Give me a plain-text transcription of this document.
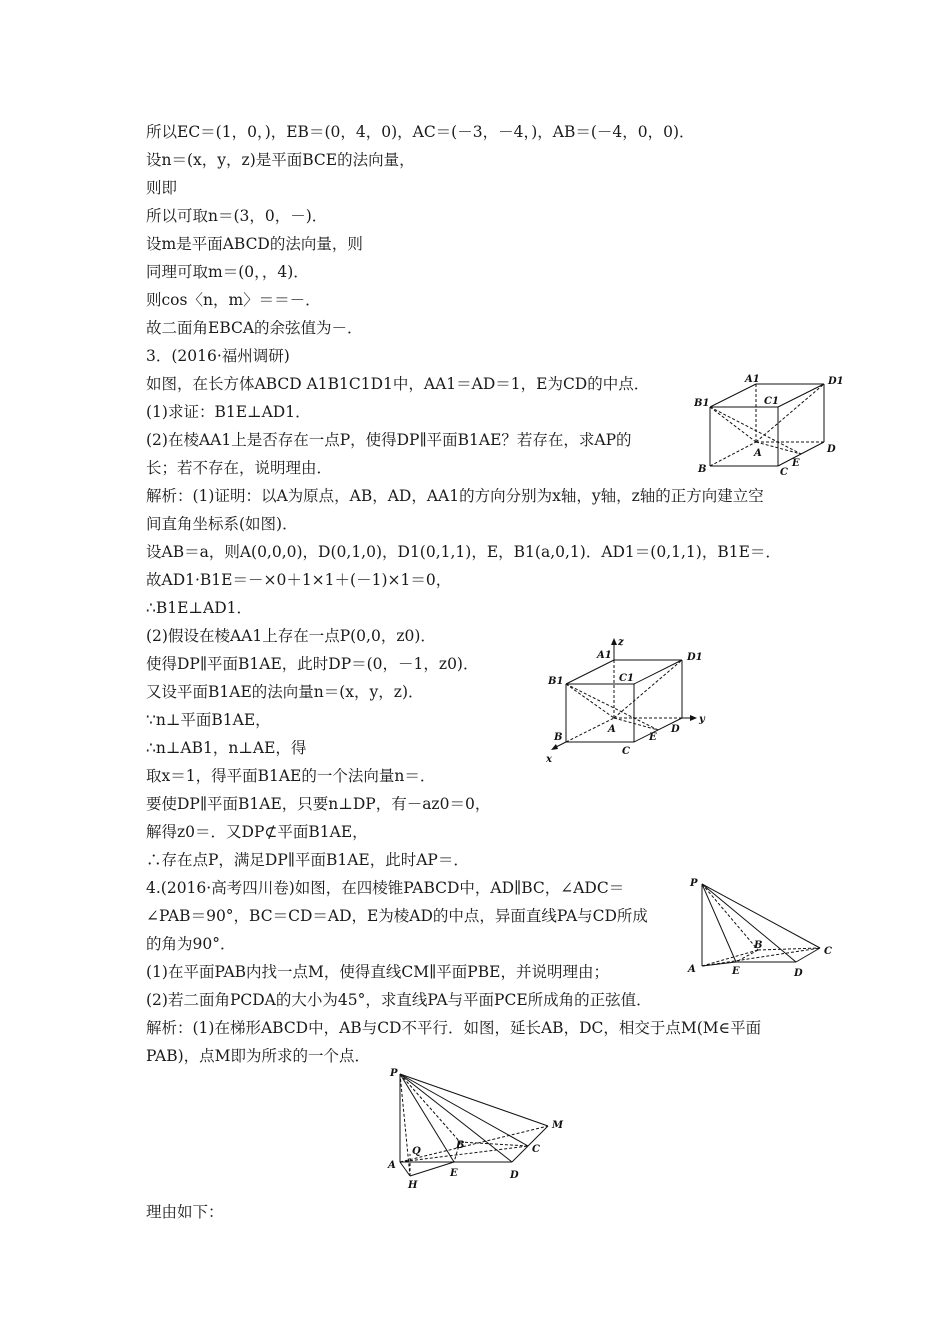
所以EC＝(1，0，)，EB＝(0，4，0)，AC＝(－3，－4，)，AB＝(－4，0，0)．
设n＝(x，y，z)是平面BCE的法向量，
则即
所以可取n＝(3，0，－)．
设m是平面ABCD的法向量，则
同理可取m＝(0，，4)．
则cos〈n，m〉＝＝－．
故二面角EBCA的余弦值为－．
3．(2016·福州调研)
如图，在长方体ABCD A1B1C1D1中，AA1＝AD＝1，E为CD的中点．
(1)求证：B1E⊥AD1．
(2)在棱AA1上是否存在一点P，使得DP∥平面B1AE？若存在，求AP的
长；若不存在，说明理由．
解析：(1)证明：以A为原点，AB，AD，AA1的方向分别为x轴，y轴，z轴的正方向建立空
间直角坐标系(如图)．
设AB＝a，则A(0,0,0)，D(0,1,0)，D1(0,1,1)，E，B1(a,0,1)．AD1＝(0,1,1)，B1E＝．
故AD1·B1E＝－×0＋1×1＋(－1)×1＝0，
∴B1E⊥AD1．
(2)假设在棱AA1上存在一点P(0,0，z0)．
使得DP∥平面B1AE，此时DP＝(0，－1，z0)．
又设平面B1AE的法向量n＝(x，y，z)．
∵n⊥平面B1AE，
∴n⊥AB1，n⊥AE，得
取x＝1，得平面B1AE的一个法向量n＝．
要使DP∥平面B1AE，只要n⊥DP，有－az0＝0，
解得z0＝．又DP⊄平面B1AE，
∴存在点P，满足DP∥平面B1AE，此时AP＝．
4.(2016·高考四川卷)如图，在四棱锥PABCD中，AD∥BC，∠ADC＝
∠PAB＝90°，BC＝CD＝AD，E为棱AD的中点，异面直线PA与CD所成
的角为90°．
(1)在平面PAB内找一点M，使得直线CM∥平面PBE，并说明理由；
(2)若二面角PCDA的大小为45°，求直线PA与平面PCE所成角的正弦值．
解析：(1)在梯形ABCD中，AB与CD不平行．如图，延长AB，DC，相交于点M(M∈平面
PAB)，点M即为所求的一个点．
理由如下：
A1	D1
B1	C1
A
B	C
D
E
z
y
x
A1	D1
B1	C1
A
B
C
D
E
P
A
B
C
D
E
P
A
B	C
D
E
M
Q
H
